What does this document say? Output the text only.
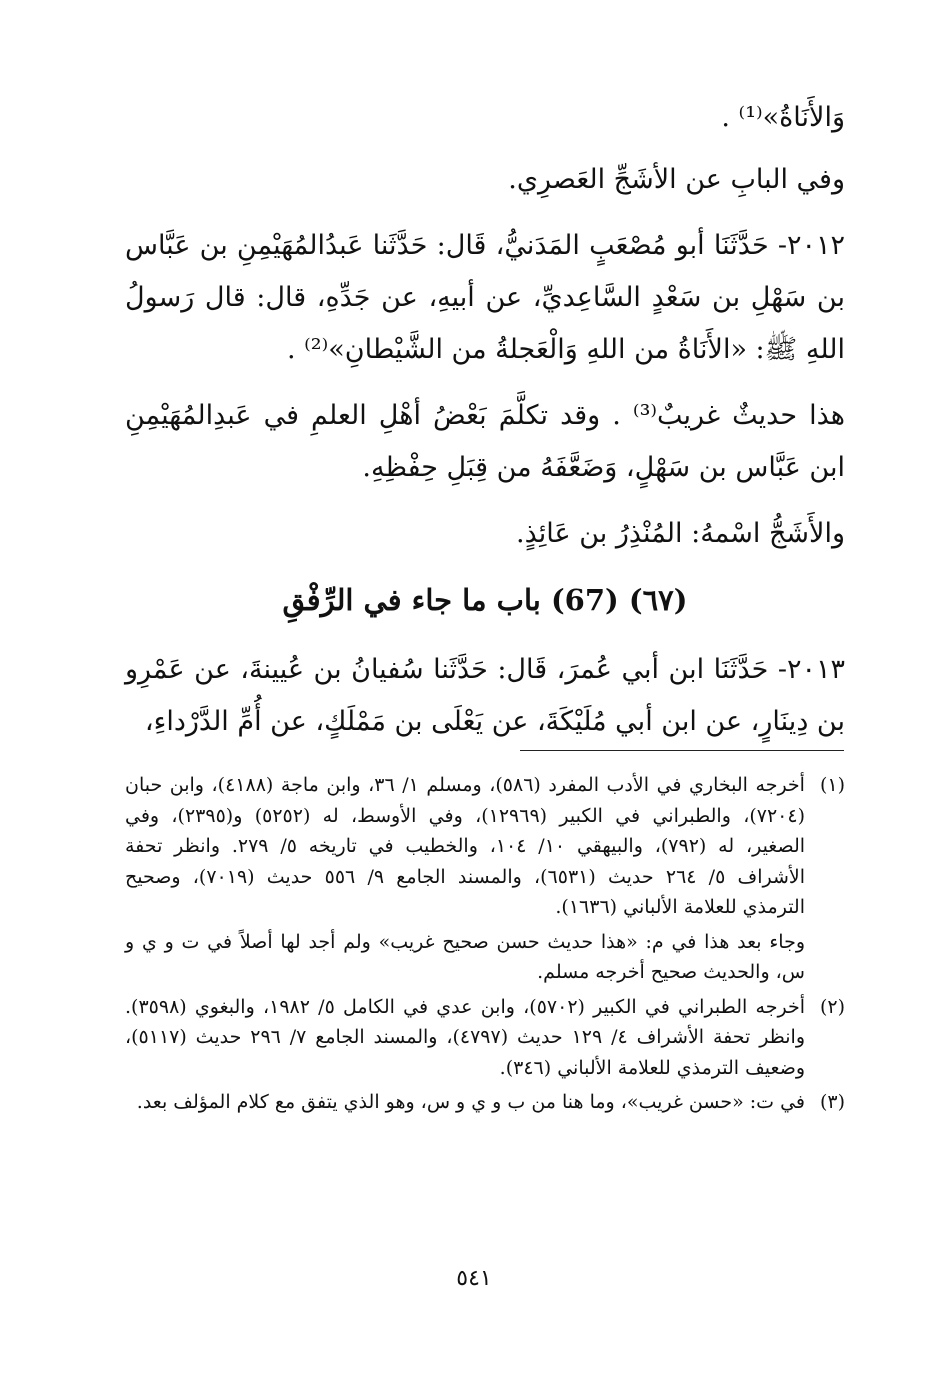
وَالأَنَاةُ»⁽¹⁾ .

وفي البابِ عن الأشَجِّ العَصرِي.

٢٠١٢- حَدَّثَنَا أبو مُصْعَبٍ المَدَنيُّ، قَال: حَدَّثَنا عَبدُالمُهَيْمِنِ بن عَبَّاس بن سَهْلِ بن سَعْدٍ السَّاعِديِّ، عن أبيهِ، عن جَدِّهِ، قال: قال رَسولُ اللهِ ﷺ: «الأَنَاةُ من اللهِ وَالْعَجلةُ من الشَّيْطانِ»⁽²⁾ .

هذا حديثٌ غريبٌ⁽³⁾ . وقد تكلَّمَ بَعْضُ أهْلِ العلمِ في عَبدِالمُهَيْمِنِ ابن عَبَّاس بن سَهْلٍ، وَضَعَّفَهُ من قِبَلِ حِفْظِهِ.

والأَشَجُّ اسْمهُ: المُنْذِرُ بن عَائِذٍ.

(٦٧) (67) باب ما جاء في الرِّفْقِ

٢٠١٣- حَدَّثَنَا ابن أبي عُمرَ، قَال: حَدَّثَنا سُفيانُ بن عُيينةَ، عن عَمْرِو بن دِينَارٍ، عن ابن أبي مُلَيْكَةَ، عن يَعْلَى بن مَمْلَكٍ، عن أُمِّ الدَّرْداءِ،

(١)
أخرجه البخاري في الأدب المفرد (٥٨٦)، ومسلم ١/ ٣٦، وابن ماجة (٤١٨٨)، وابن حبان (٧٢٠٤)، والطبراني في الكبير (١٢٩٦٩)، وفي الأوسط، له (٥٢٥٢) و(٢٣٩٥)، وفي الصغير، له (٧٩٢)، والبيهقي ١٠/ ١٠٤، والخطيب في تاريخه ٥/ ٢٧٩. وانظر تحفة الأشراف ٥/ ٢٦٤ حديث (٦٥٣١)، والمسند الجامع ٩/ ٥٥٦ حديث (٧٠١٩)، وصحيح الترمذي للعلامة الألباني (١٦٣٦).
وجاء بعد هذا في م: «هذا حديث حسن صحيح غريب» ولم أجد لها أصلاً في ت و ي و س، والحديث صحيح أخرجه مسلم.
(٢)
أخرجه الطبراني في الكبير (٥٧٠٢)، وابن عدي في الكامل ٥/ ١٩٨٢، والبغوي (٣٥٩٨). وانظر تحفة الأشراف ٤/ ١٢٩ حديث (٤٧٩٧)، والمسند الجامع ٧/ ٢٩٦ حديث (٥١١٧)، وضعيف الترمذي للعلامة الألباني (٣٤٦).
(٣)
في ت: «حسن غريب»، وما هنا من ب و ي و س، وهو الذي يتفق مع كلام المؤلف بعد.
٥٤١
